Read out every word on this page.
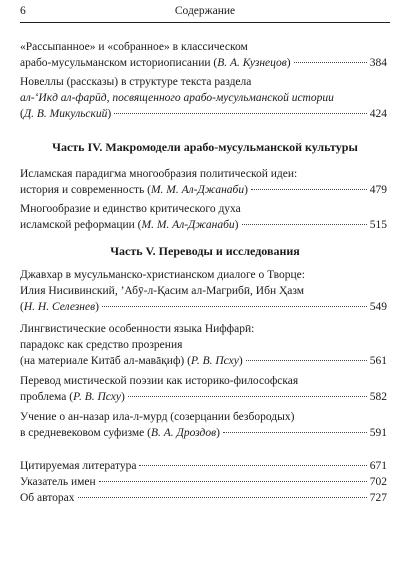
6	Содержание
«Рассыпанное» и «собранное» в классическом
арабо-мусульманском историописании (В. А. Кузнецов)	384
Новеллы (рассказы) в структуре текста раздела
ал-‘Икд ал-фарӣд, посвященного арабо-мусульманской истории
(Д. В. Микульский)	424
Часть IV. Макромодели арабо-мусульманской культуры
Исламская парадигма многообразия политической идеи:
история и современность (М. М. Ал-Джанаби)	479
Многообразие и единство критического духа
исламской реформации (М. М. Ал-Джанаби)	515
Часть V. Переводы и исследования
Джавхар в мусульманско-христианском диалоге о Творце:
Илия Нисивинский, ’Абӯ-л-Қасим ал-Магрибӣ, Ибн Ҳазм
(Н. Н. Селезнев)	549
Лингвистические особенности языка Ниффарӣ:
парадокс как средство прозрения
(на материале Китāб ал-мавāқиф) (Р. В. Псху)	561
Перевод мистической поэзии как историко-философская
проблема (Р. В. Псху)	582
Учение о ан-назар ила-л-мурд (созерцании безбородых)
в средневековом суфизме (В. А. Дроздов)	591
Цитируемая литература	671
Указатель имен	702
Об авторах	727
